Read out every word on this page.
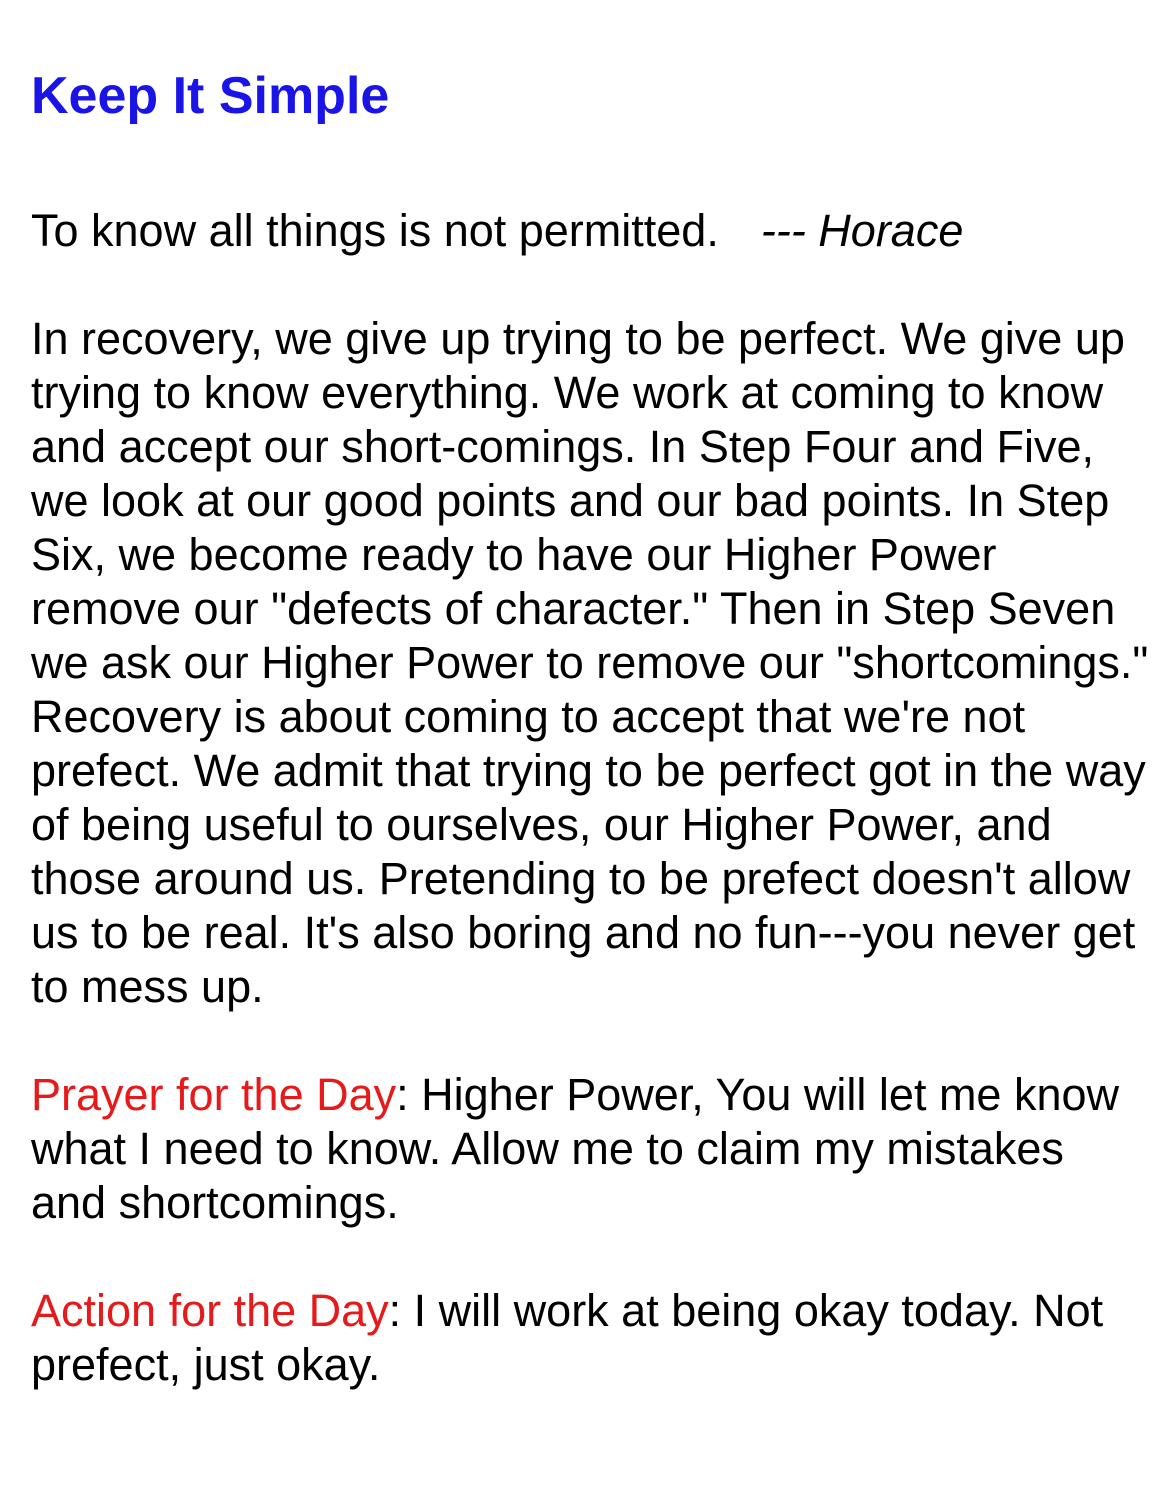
Keep It Simple
To know all things is not permitted. --- Horace

In recovery, we give up trying to be perfect. We give up trying to know everything. We work at coming to know and accept our short-comings. In Step Four and Five, we look at our good points and our bad points. In Step Six, we become ready to have our Higher Power remove our "defects of character." Then in Step Seven we ask our Higher Power to remove our "shortcomings." Recovery is about coming to accept that we're not prefect. We admit that trying to be perfect got in the way of being useful to ourselves, our Higher Power, and those around us. Pretending to be prefect doesn't allow us to be real. It's also boring and no fun---you never get to mess up.

Prayer for the Day: Higher Power, You will let me know what I need to know. Allow me to claim my mistakes and shortcomings.

Action for the Day: I will work at being okay today. Not prefect, just okay.
